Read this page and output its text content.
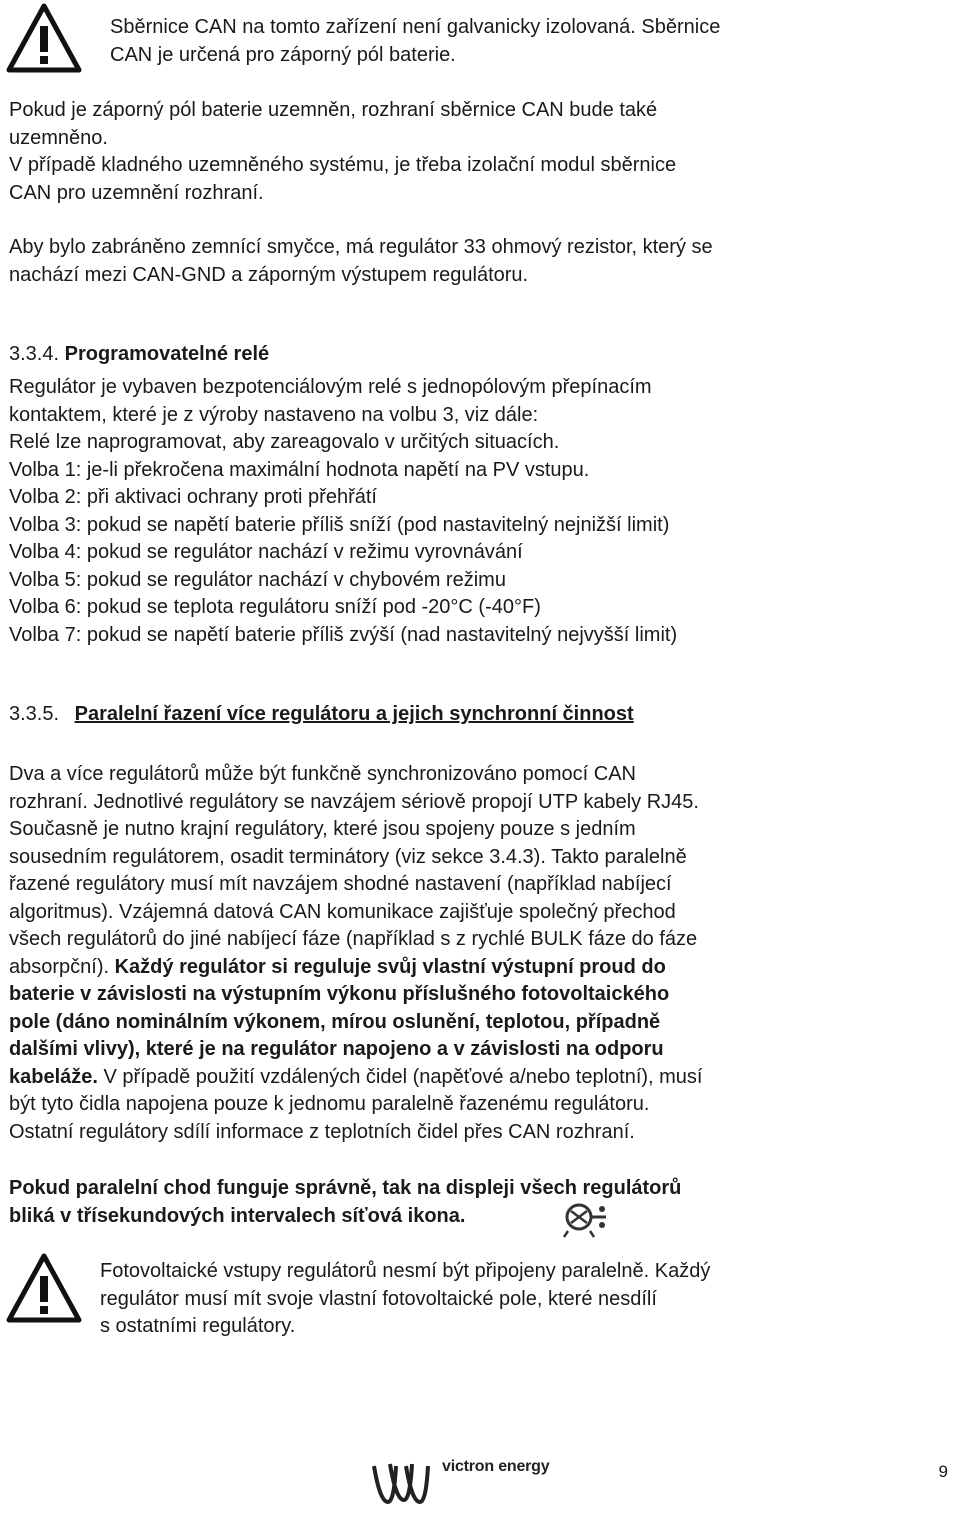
Sběrnice CAN na tomto zařízení není galvanicky izolovaná. Sběrnice
CAN je určená pro záporný pól baterie.
Pokud je záporný pól baterie uzemněn, rozhraní sběrnice CAN bude také
uzemněno.
V případě kladného uzemněného systému, je třeba izolační modul sběrnice
CAN pro uzemnění rozhraní.
Aby bylo zabráněno zemnící smyčce, má regulátor 33 ohmový rezistor, který se
nachází mezi CAN-GND a záporným výstupem regulátoru.
3.3.4. Programovatelné relé
Regulátor je vybaven bezpotenciálovým relé s jednopólovým přepínacím
kontaktem, které je z výroby nastaveno na volbu 3, viz dále:
Relé lze naprogramovat, aby zareagovalo v určitých situacích.
Volba 1: je-li překročena maximální hodnota napětí na PV vstupu.
Volba 2: při aktivaci ochrany proti přehřátí
Volba 3: pokud se napětí baterie příliš sníží (pod nastavitelný nejnižší limit)
Volba 4: pokud se regulátor nachází v režimu vyrovnávání
Volba 5: pokud se regulátor nachází v chybovém režimu
Volba 6: pokud se teplota regulátoru sníží pod -20°C (-40°F)
Volba 7: pokud se napětí baterie příliš zvýší (nad nastavitelný nejvyšší limit)
3.3.5. Paralelní řazení více regulátoru a jejich synchronní činnost
Dva a více regulátorů může být funkčně synchronizováno pomocí CAN
rozhraní. Jednotlivé regulátory se navzájem sériově propojí UTP kabely RJ45.
Současně je nutno krajní regulátory, které jsou spojeny pouze s jedním
sousedním regulátorem, osadit terminátory (viz sekce 3.4.3). Takto paralelně
řazené regulátory musí mít navzájem shodné nastavení (například nabíjecí
algoritmus). Vzájemná datová CAN komunikace zajišťuje společný přechod
všech regulátorů do jiné nabíjecí fáze (například s z rychlé BULK fáze do fáze
absorpční). Každý regulátor si reguluje svůj vlastní výstupní proud do
baterie v závislosti na výstupním výkonu příslušného fotovoltaického
pole (dáno nominálním výkonem, mírou oslunění, teplotou, případně
dalšími vlivy), které je na regulátor napojeno a v závislosti na odporu
kabeláže. V případě použití vzdálených čidel (napěťové a/nebo teplotní), musí
být tyto čidla napojena pouze k jednomu paralelně řazenému regulátoru.
Ostatní regulátory sdílí informace z teplotních čidel přes CAN rozhraní.
Pokud paralelní chod funguje správně, tak na displeji všech regulátorů
bliká v třísekundových intervalech síťová ikona.
Fotovoltaické vstupy regulátorů nesmí být připojeny paralelně. Každý
regulátor musí mít svoje vlastní fotovoltaické pole, které nesdílí
s ostatními regulátory.
victron energy	9
